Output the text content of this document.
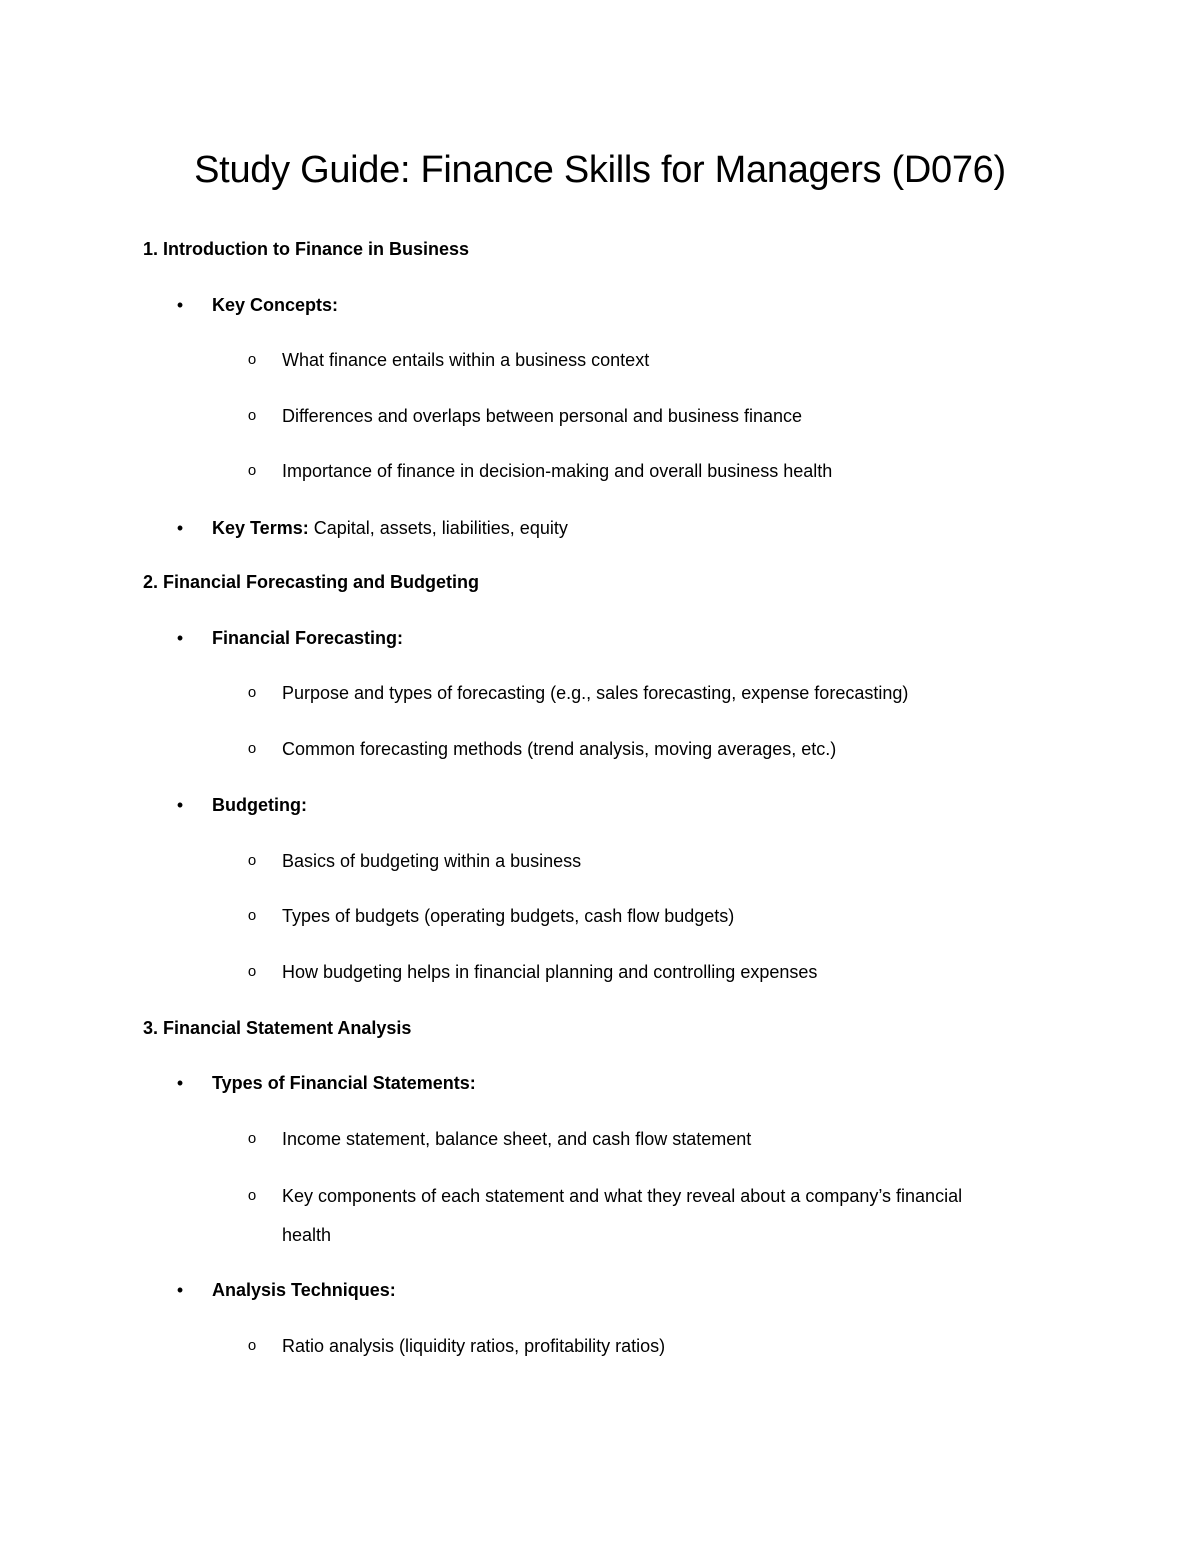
Study Guide: Finance Skills for Managers (D076)
1. Introduction to Finance in Business
• Key Concepts:
o What finance entails within a business context
o Differences and overlaps between personal and business finance
o Importance of finance in decision-making and overall business health
• Key Terms: Capital, assets, liabilities, equity
2. Financial Forecasting and Budgeting
• Financial Forecasting:
o Purpose and types of forecasting (e.g., sales forecasting, expense forecasting)
o Common forecasting methods (trend analysis, moving averages, etc.)
• Budgeting:
o Basics of budgeting within a business
o Types of budgets (operating budgets, cash flow budgets)
o How budgeting helps in financial planning and controlling expenses
3. Financial Statement Analysis
• Types of Financial Statements:
o Income statement, balance sheet, and cash flow statement
o Key components of each statement and what they reveal about a company’s financial
health
• Analysis Techniques:
o Ratio analysis (liquidity ratios, profitability ratios)
